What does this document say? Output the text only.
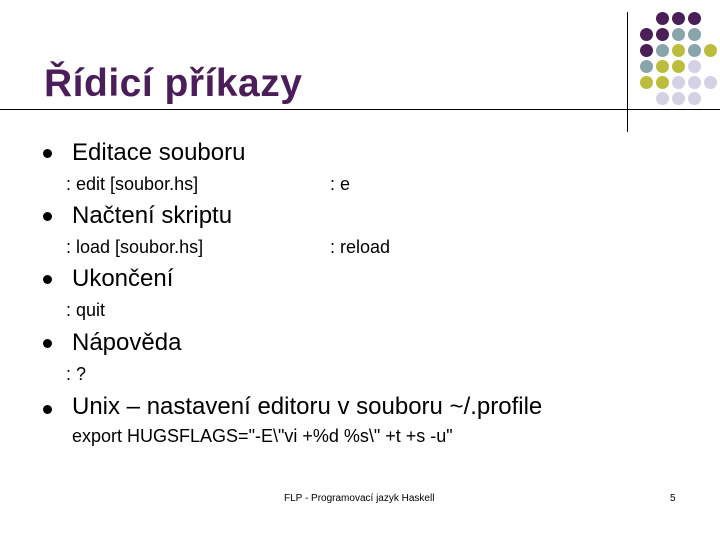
Řídicí příkazy
Editace souboru
: edit [soubor.hs]	: e
Načtení skriptu
: load [soubor.hs]	: reload
Ukončení
: quit
Nápověda
: ?
Unix – nastavení editoru v souboru ~/.profile
export HUGSFLAGS="-E\"vi +%d %s\" +t +s -u"
FLP - Programovací jazyk Haskell	5
